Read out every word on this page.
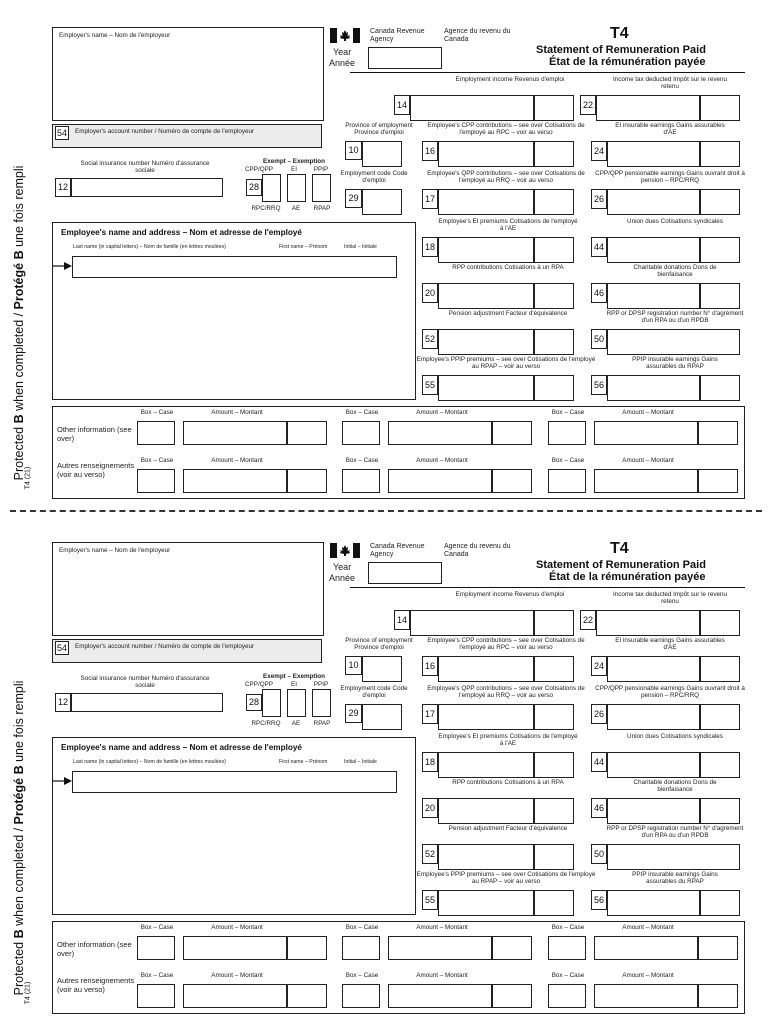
Protected B when completed / Protégé B une fois rempli
T4 (21)
Employer's name – Nom de l'employeur
Canada Revenue Agency
Agence du revenu du Canada
Year
Année
T4
Statement of Remuneration Paid
État de la rémunération payée
Employer's account number / Numéro de compte de l'employeur
54
Social insurance number Numéro d'assurance sociale
12
Exempt – Exemption
CPP/QPP	EI	PPIP
28
RPC/RRQ	AE	RPAP
Employee's name and address – Nom et adresse de l'employé
Last name (in capital letters) – Nom de famille (en lettres moulées)	First name – Prénom	Initial – Initiale
Province of employment Province d'emploi
10
Employment code Code d'emploi
29
Employment income Revenus d'emploi
14
Employee's CPP contributions – see over Cotisations de l'employé au RPC – voir au verso
16
Employee's QPP contributions – see over Cotisations de l'employé au RRQ – voir au verso
17
Employee's EI premiums Cotisations de l'employé à l'AE
18
RPP contributions Cotisations à un RPA
20
Pension adjustment Facteur d'équivalence
52
Employee's PPIP premiums – see over Cotisations de l'employé au RPAP – voir au verso
55
Income tax deducted Impôt sur le revenu retenu
22
EI insurable earnings Gains assurables d'AE
24
CPP/QPP pensionable earnings Gains ouvrant droit à pension – RPC/RRQ
26
Union dues Cotisations syndicales
44
Charitable donations Dons de bienfaisance
46
RPP or DPSP registration number N° d'agrément d'un RPA ou d'un RPDB
50
PPIP insurable earnings Gains assurables du RPAP
56
Other information (see over)
Autres renseignements (voir au verso)
Box – Case	Amount – Montant	Box – Case	Amount – Montant	Box – Case	Amount – Montant
Box – Case	Amount – Montant	Box – Case	Amount – Montant	Box – Case	Amount – Montant
Protected B when completed / Protégé B une fois rempli
T4 (21)
Employer's name – Nom de l'employeur
Canada Revenue Agency
Agence du revenu du Canada
Year
Année
T4
Statement of Remuneration Paid
État de la rémunération payée
Employer's account number / Numéro de compte de l'employeur
54
Social insurance number Numéro d'assurance sociale
12
Exempt – Exemption
CPP/QPP	EI	PPIP
28
RPC/RRQ	AE	RPAP
Employee's name and address – Nom et adresse de l'employé
Last name (in capital letters) – Nom de famille (en lettres moulées)	First name – Prénom	Initial – Initiale
Province of employment Province d'emploi
10
Employment code Code d'emploi
29
Employment income Revenus d'emploi
14
Employee's CPP contributions – see over Cotisations de l'employé au RPC – voir au verso
16
Employee's QPP contributions – see over Cotisations de l'employé au RRQ – voir au verso
17
Employee's EI premiums Cotisations de l'employé à l'AE
18
RPP contributions Cotisations à un RPA
20
Pension adjustment Facteur d'équivalence
52
Employee's PPIP premiums – see over Cotisations de l'employé au RPAP – voir au verso
55
Income tax deducted Impôt sur le revenu retenu
22
EI insurable earnings Gains assurables d'AE
24
CPP/QPP pensionable earnings Gains ouvrant droit à pension – RPC/RRQ
26
Union dues Cotisations syndicales
44
Charitable donations Dons de bienfaisance
46
RPP or DPSP registration number N° d'agrément d'un RPA ou d'un RPDB
50
PPIP insurable earnings Gains assurables du RPAP
56
Other information (see over)
Autres renseignements (voir au verso)
Box – Case	Amount – Montant	Box – Case	Amount – Montant	Box – Case	Amount – Montant
Box – Case	Amount – Montant	Box – Case	Amount – Montant	Box – Case	Amount – Montant
